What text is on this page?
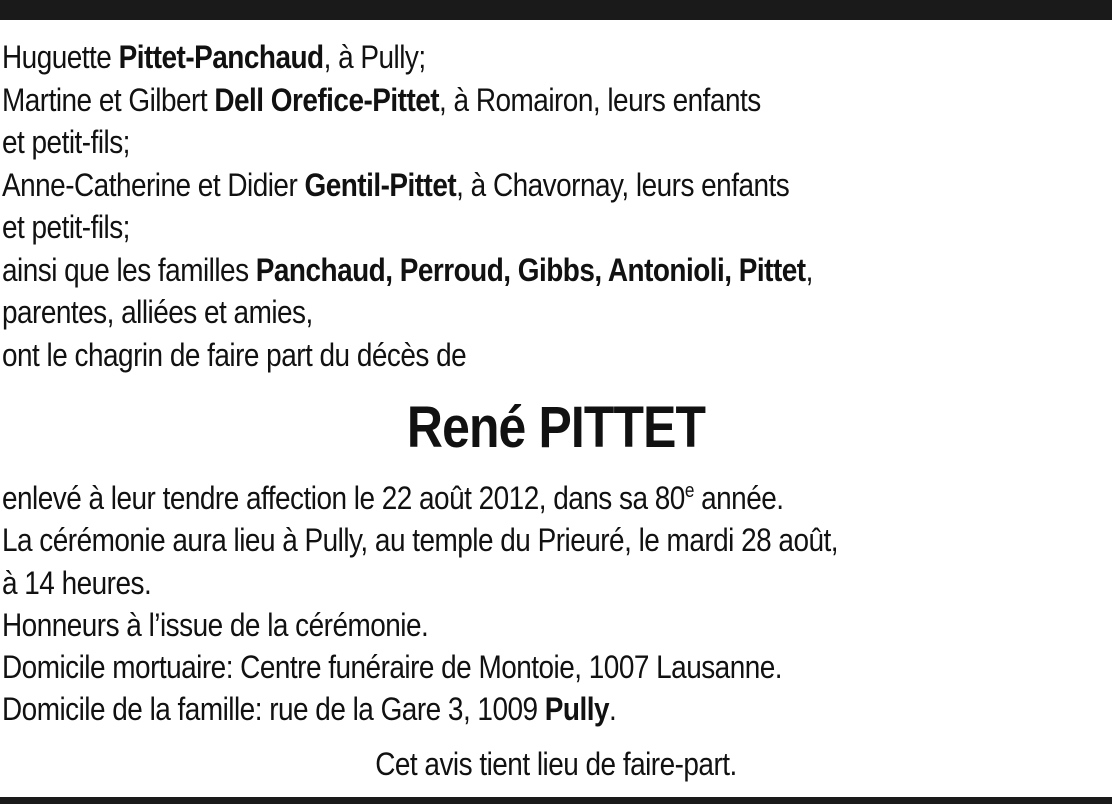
Huguette Pittet-Panchaud, à Pully;
Martine et Gilbert Dell Orefice-Pittet, à Romairon, leurs enfants
et petit-fils;
Anne-Catherine et Didier Gentil-Pittet, à Chavornay, leurs enfants
et petit-fils;
ainsi que les familles Panchaud, Perroud, Gibbs, Antonioli, Pittet,
parentes, alliées et amies,
ont le chagrin de faire part du décès de
René PITTET
enlevé à leur tendre affection le 22 août 2012, dans sa 80e année.
La cérémonie aura lieu à Pully, au temple du Prieuré, le mardi 28 août,
à 14 heures.
Honneurs à l’issue de la cérémonie.
Domicile mortuaire: Centre funéraire de Montoie, 1007 Lausanne.
Domicile de la famille: rue de la Gare 3, 1009 Pully.
Cet avis tient lieu de faire-part.
